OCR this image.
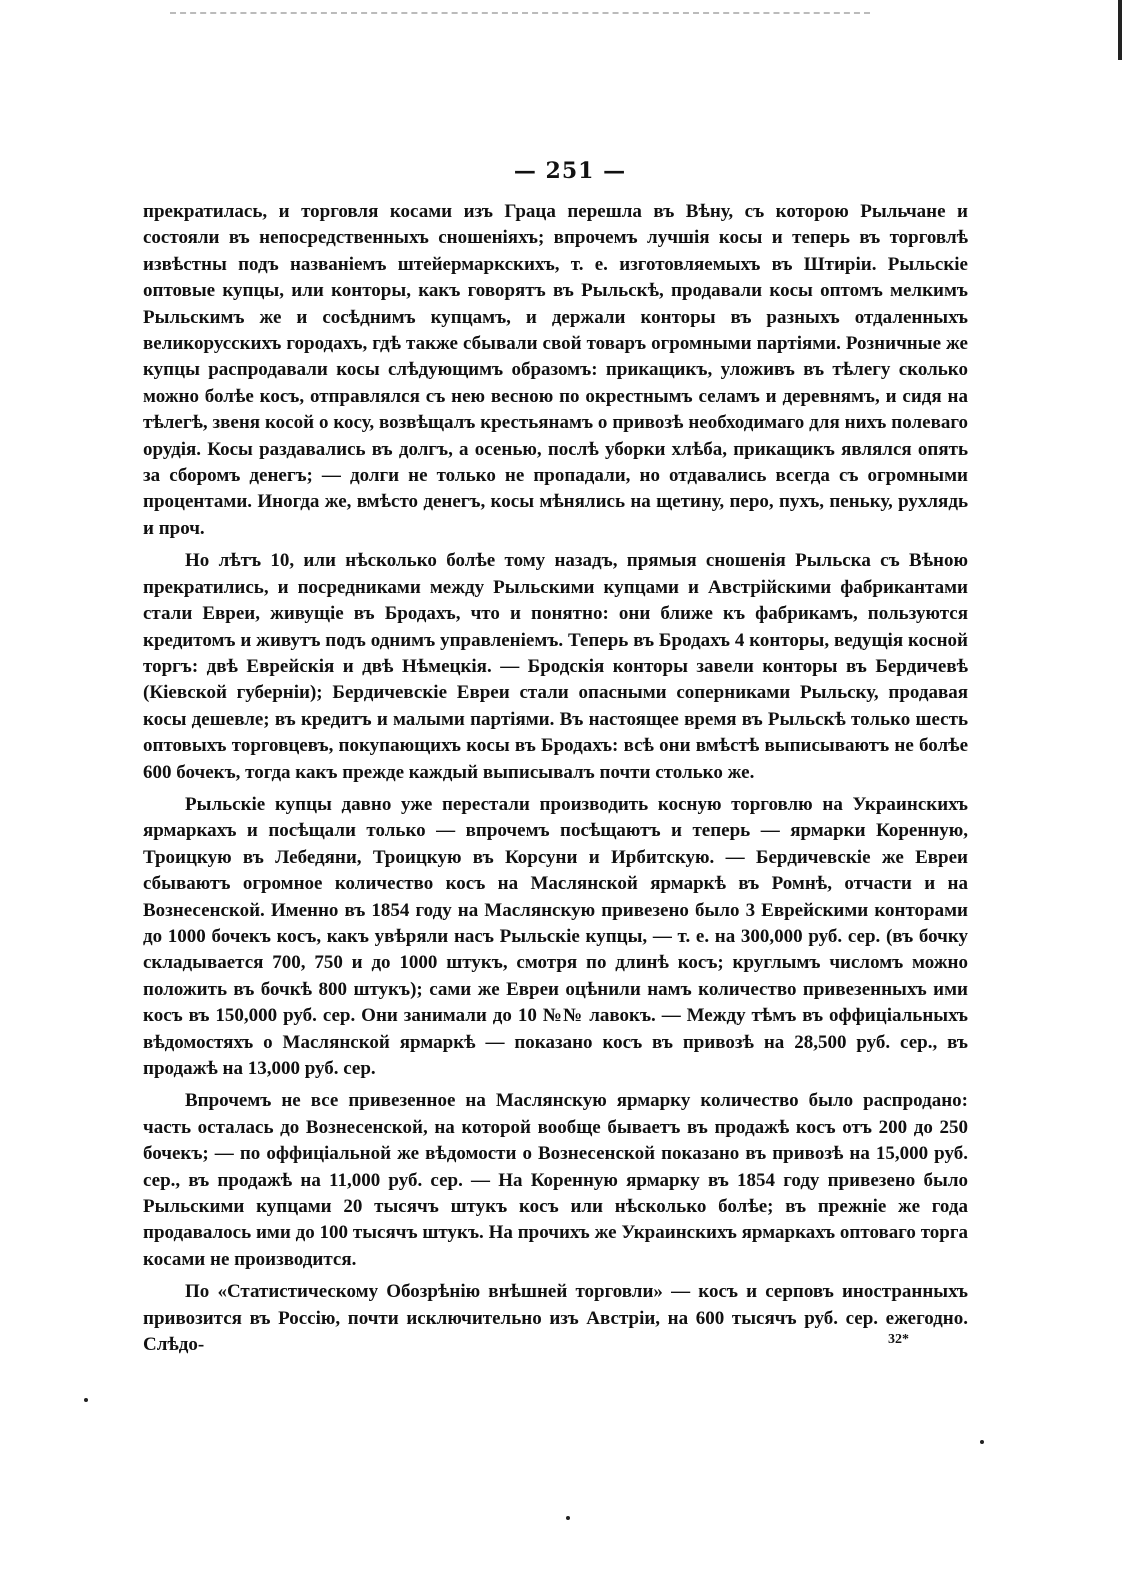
— 251 —

прекратилась, и торговля косами изъ Граца перешла въ Вѣну, съ которою Рыльчане и состояли въ непосредственныхъ сношеніяхъ; впрочемъ лучшія косы и теперь въ торговлѣ извѣстны подъ названіемъ штейермаркскихъ, т. е. изготовляемыхъ въ Штиріи. Рыльскіе оптовые купцы, или конторы, какъ говорятъ въ Рыльскѣ, продавали косы оптомъ мелкимъ Рыльскимъ же и сосѣднимъ купцамъ, и держали конторы въ разныхъ отдаленныхъ великорусскихъ городахъ, гдѣ также сбывали свой товаръ огромными партіями. Розничные же купцы распродавали косы слѣдующимъ образомъ: прикащикъ, уложивъ въ тѣлегу сколько можно болѣе косъ, отправлялся съ нею весною по окрестнымъ селамъ и деревнямъ, и сидя на тѣлегѣ, звеня косой о косу, возвѣщалъ крестьянамъ о привозѣ необходимаго для нихъ полеваго орудія. Косы раздавались въ долгъ, а осенью, послѣ уборки хлѣба, прикащикъ являлся опять за сборомъ денегъ; — долги не только не пропадали, но отдавались всегда съ огромными процентами. Иногда же, вмѣсто денегъ, косы мѣнялись на щетину, перо, пухъ, пеньку, рухлядь и проч.

Но лѣтъ 10, или нѣсколько болѣе тому назадъ, прямыя сношенія Рыльска съ Вѣною прекратились, и посредниками между Рыльскими купцами и Австрійскими фабрикантами стали Евреи, живущіе въ Бродахъ, что и понятно: они ближе къ фабрикамъ, пользуются кредитомъ и живутъ подъ однимъ управленіемъ. Теперь въ Бродахъ 4 конторы, ведущія косной торгъ: двѣ Еврейскія и двѣ Нѣмецкія. — Бродскія конторы завели конторы въ Бердичевѣ (Кіевской губерніи); Бердичевскіе Евреи стали опасными соперниками Рыльску, продавая косы дешевле; въ кредитъ и малыми партіями. Въ настоящее время въ Рыльскѣ только шесть оптовыхъ торговцевъ, покупающихъ косы въ Бродахъ: всѣ они вмѣстѣ выписываютъ не болѣе 600 бочекъ, тогда какъ прежде каждый выписывалъ почти столько же.

Рыльскіе купцы давно уже перестали производить косную торговлю на Украинскихъ ярмаркахъ и посѣщали только — впрочемъ посѣщаютъ и теперь — ярмарки Коренную, Троицкую въ Лебедяни, Троицкую въ Корсуни и Ирбитскую. — Бердичевскіе же Евреи сбываютъ огромное количество косъ на Маслянской ярмаркѣ въ Ромнѣ, отчасти и на Вознесенской. Именно въ 1854 году на Маслянскую привезено было 3 Еврейскими конторами до 1000 бочекъ косъ, какъ увѣряли насъ Рыльскіе купцы, — т. е. на 300,000 руб. сер. (въ бочку складывается 700, 750 и до 1000 штукъ, смотря по длинѣ косъ; круглымъ числомъ можно положить въ бочкѣ 800 штукъ); сами же Евреи оцѣнили намъ количество привезенныхъ ими косъ въ 150,000 руб. сер. Они занимали до 10 №№ лавокъ. — Между тѣмъ въ оффиціальныхъ вѣдомостяхъ о Маслянской ярмаркѣ — показано косъ въ привозѣ на 28,500 руб. сер., въ продажѣ на 13,000 руб. сер.

Впрочемъ не все привезенное на Маслянскую ярмарку количество было распродано: часть осталась до Вознесенской, на которой вообще бываетъ въ продажѣ косъ отъ 200 до 250 бочекъ; — по оффиціальной же вѣдомости о Вознесенской показано въ привозѣ на 15,000 руб. сер., въ продажѣ на 11,000 руб. сер. — На Коренную ярмарку въ 1854 году привезено было Рыльскими купцами 20 тысячъ штукъ косъ или нѣсколько болѣе; въ прежніе же года продавалось ими до 100 тысячъ штукъ. На прочихъ же Украинскихъ ярмаркахъ оптоваго торга косами не производится.

По «Статистическому Обозрѣнію внѣшней торговли» — косъ и серповъ иностранныхъ привозится въ Россію, почти исключительно изъ Австріи, на 600 тысячъ руб. сер. ежегодно. Слѣдо-	32*
